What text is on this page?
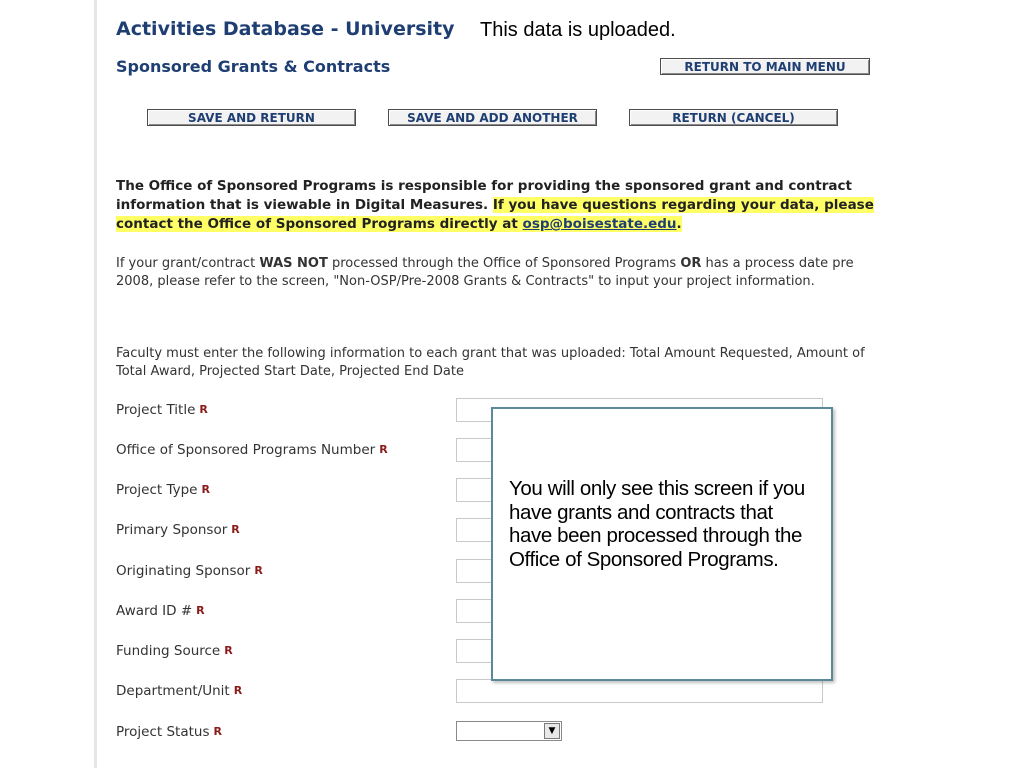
Activities Database - University This data is uploaded.
Sponsored Grants & Contracts	RETURN TO MAIN MENU
SAVE AND RETURN	SAVE AND ADD ANOTHER	RETURN (CANCEL)

The Office of Sponsored Programs is responsible for providing the sponsored grant and contract information that is viewable in Digital Measures. If you have questions regarding your data, please contact the Office of Sponsored Programs directly at osp@boisestate.edu.

If your grant/contract WAS NOT processed through the Office of Sponsored Programs OR has a process date pre 2008, please refer to the screen, "Non-OSP/Pre-2008 Grants & Contracts" to input your project information.

Faculty must enter the following information to each grant that was uploaded: Total Amount Requested, Amount of Total Award, Projected Start Date, Projected End Date

Project Title R
Office of Sponsored Programs Number R
Project Type R
Primary Sponsor R
Originating Sponsor R
Award ID # R
Funding Source R
Department/Unit R
Project Status R	▼
You will only see this screen if you have grants and contracts that have been processed through the Office of Sponsored Programs.
